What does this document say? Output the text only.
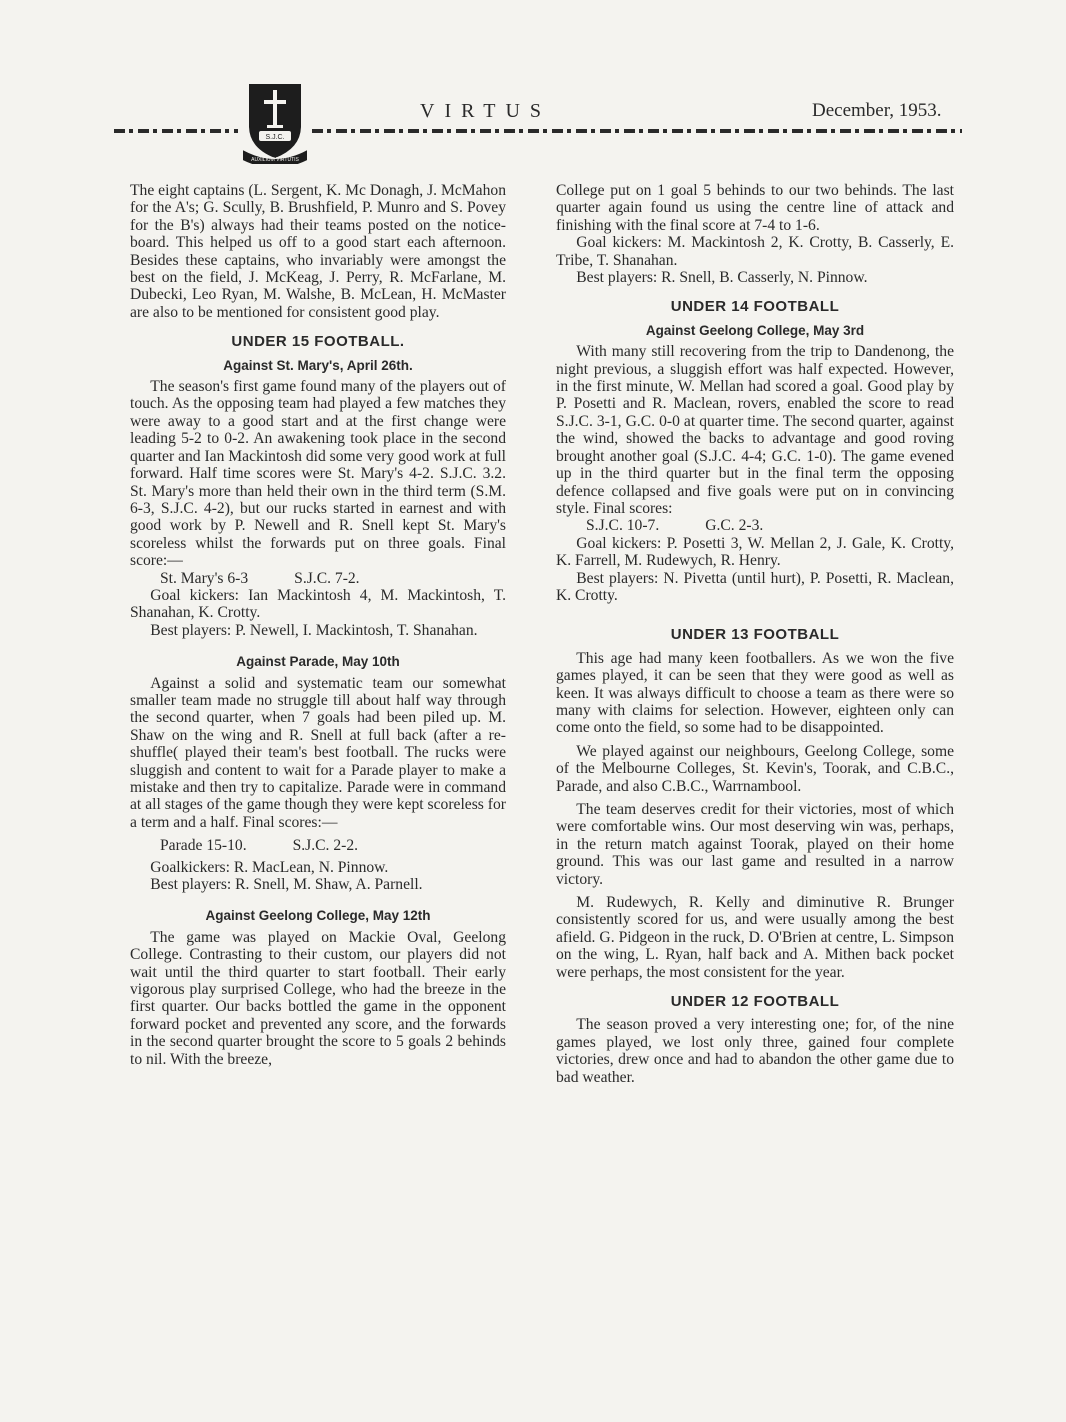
S.J.C.
AUXILIUM VIRTUTIS
VIRTUS	December, 1953.

The eight captains (L. Sergent, K. Mc Donagh, J. McMahon for the A's; G. Scully, B. Brushfield, P. Munro and S. Povey for the B's) always had their teams posted on the notice-board. This helped us off to a good start each afternoon. Besides these captains, who invariably were amongst the best on the field, J. McKeag, J. Perry, R. McFarlane, M. Dubecki, Leo Ryan, M. Walshe, B. McLean, H. McMaster are also to be mentioned for consistent good play.

UNDER 15 FOOTBALL.
Against St. Mary's, April 26th.

The season's first game found many of the players out of touch. As the opposing team had played a few matches they were away to a good start and at the first change were leading 5-2 to 0-2. An awakening took place in the second quarter and Ian Mackintosh did some very good work at full forward. Half time scores were St. Mary's 4-2. S.J.C. 3.2. St. Mary's more than held their own in the third term (S.M. 6-3, S.J.C. 4-2), but our rucks started in earnest and with good work by P. Newell and R. Snell kept St. Mary's scoreless whilst the forwards put on three goals. Final score:—

St. Mary's 6-3	S.J.C. 7-2.

Goal kickers: Ian Mackintosh 4, M. Mackintosh, T. Shanahan, K. Crotty.

Best players: P. Newell, I. Mackintosh, T. Shanahan.

Against Parade, May 10th

Against a solid and systematic team our somewhat smaller team made no struggle till about half way through the second quarter, when 7 goals had been piled up. M. Shaw on the wing and R. Snell at full back (after a re-shuffle( played their team's best football. The rucks were sluggish and content to wait for a Parade player to make a mistake and then try to capitalize. Parade were in command at all stages of the game though they were kept scoreless for a term and a half. Final scores:—

Parade 15-10.	S.J.C. 2-2.

Goalkickers: R. MacLean, N. Pinnow.

Best players: R. Snell, M. Shaw, A. Parnell.

Against Geelong College, May 12th

The game was played on Mackie Oval, Geelong College. Contrasting to their custom, our players did not wait until the third quarter to start football. Their early vigorous play surprised College, who had the breeze in the first quarter. Our backs bottled the game in the opponent forward pocket and prevented any score, and the forwards in the second quarter brought the score to 5 goals 2 behinds to nil. With the breeze,

College put on 1 goal 5 behinds to our two behinds. The last quarter again found us using the centre line of attack and finishing with the final score at 7-4 to 1-6.

Goal kickers: M. Mackintosh 2, K. Crotty, B. Casserly, E. Tribe, T. Shanahan.

Best players: R. Snell, B. Casserly, N. Pinnow.

UNDER 14 FOOTBALL
Against Geelong College, May 3rd

With many still recovering from the trip to Dandenong, the night previous, a sluggish effort was half expected. However, in the first minute, W. Mellan had scored a goal. Good play by P. Posetti and R. Maclean, rovers, enabled the score to read S.J.C. 3-1, G.C. 0-0 at quarter time. The second quarter, against the wind, showed the backs to advantage and good roving brought another goal (S.J.C. 4-4; G.C. 1-0). The game evened up in the third quarter but in the final term the opposing defence collapsed and five goals were put on in convincing style. Final scores:

S.J.C. 10-7.	G.C. 2-3.

Goal kickers: P. Posetti 3, W. Mellan 2, J. Gale, K. Crotty, K. Farrell, M. Rudewych, R. Henry.

Best players: N. Pivetta (until hurt), P. Posetti, R. Maclean, K. Crotty.

UNDER 13 FOOTBALL

This age had many keen footballers. As we won the five games played, it can be seen that they were good as well as keen. It was always difficult to choose a team as there were so many with claims for selection. However, eighteen only can come onto the field, so some had to be disappointed.

We played against our neighbours, Geelong College, some of the Melbourne Colleges, St. Kevin's, Toorak, and C.B.C., Parade, and also C.B.C., Warrnambool.

The team deserves credit for their victories, most of which were comfortable wins. Our most deserving win was, perhaps, in the return match against Toorak, played on their home ground. This was our last game and resulted in a narrow victory.

M. Rudewych, R. Kelly and diminutive R. Brunger consistently scored for us, and were usually among the best afield. G. Pidgeon in the ruck, D. O'Brien at centre, L. Simpson on the wing, L. Ryan, half back and A. Mithen back pocket were perhaps, the most consistent for the year.

UNDER 12 FOOTBALL

The season proved a very interesting one; for, of the nine games played, we lost only three, gained four complete victories, drew once and had to abandon the other game due to bad weather.
